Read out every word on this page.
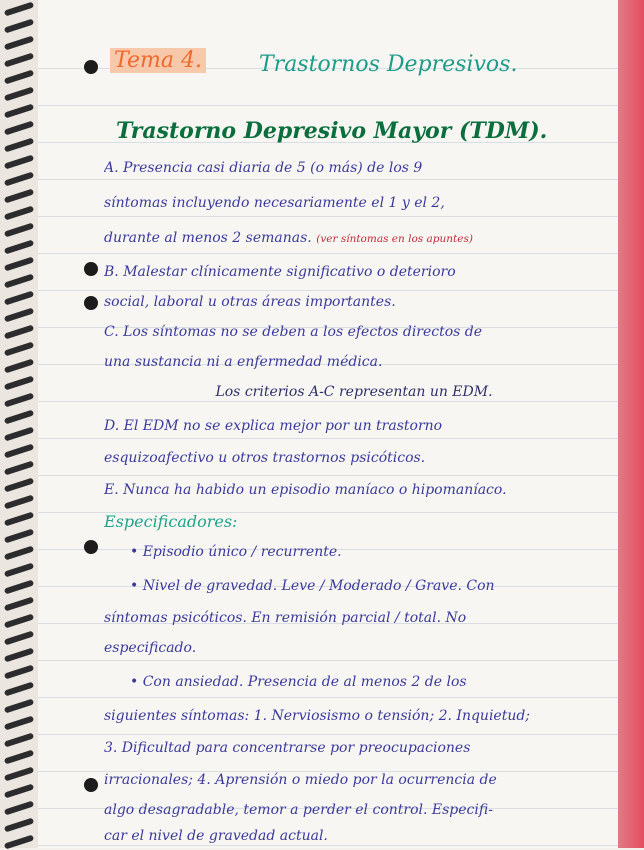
Tema 4.	Trastornos Depresivos.
Trastorno Depresivo Mayor (TDM).
A. Presencia casi diaria de 5 (o más) de los 9
síntomas incluyendo necesariamente el 1 y el 2,
durante al menos 2 semanas. (ver síntomas en los apuntes)
B. Malestar clínicamente significativo o deterioro
social, laboral u otras áreas importantes.
C. Los síntomas no se deben a los efectos directos de
una sustancia ni a enfermedad médica.
Los criterios A-C representan un EDM.
D. El EDM no se explica mejor por un trastorno
esquizoafectivo u otros trastornos psicóticos.
E. Nunca ha habido un episodio maníaco o hipomaníaco.
Especificadores:
• Episodio único / recurrente.
• Nivel de gravedad. Leve / Moderado / Grave. Con
síntomas psicóticos. En remisión parcial / total. No
especificado.
• Con ansiedad. Presencia de al menos 2 de los
siguientes síntomas: 1. Nerviosismo o tensión; 2. Inquietud;
3. Dificultad para concentrarse por preocupaciones
irracionales; 4. Aprensión o miedo por la ocurrencia de
algo desagradable, temor a perder el control. Especifi-
car el nivel de gravedad actual.
